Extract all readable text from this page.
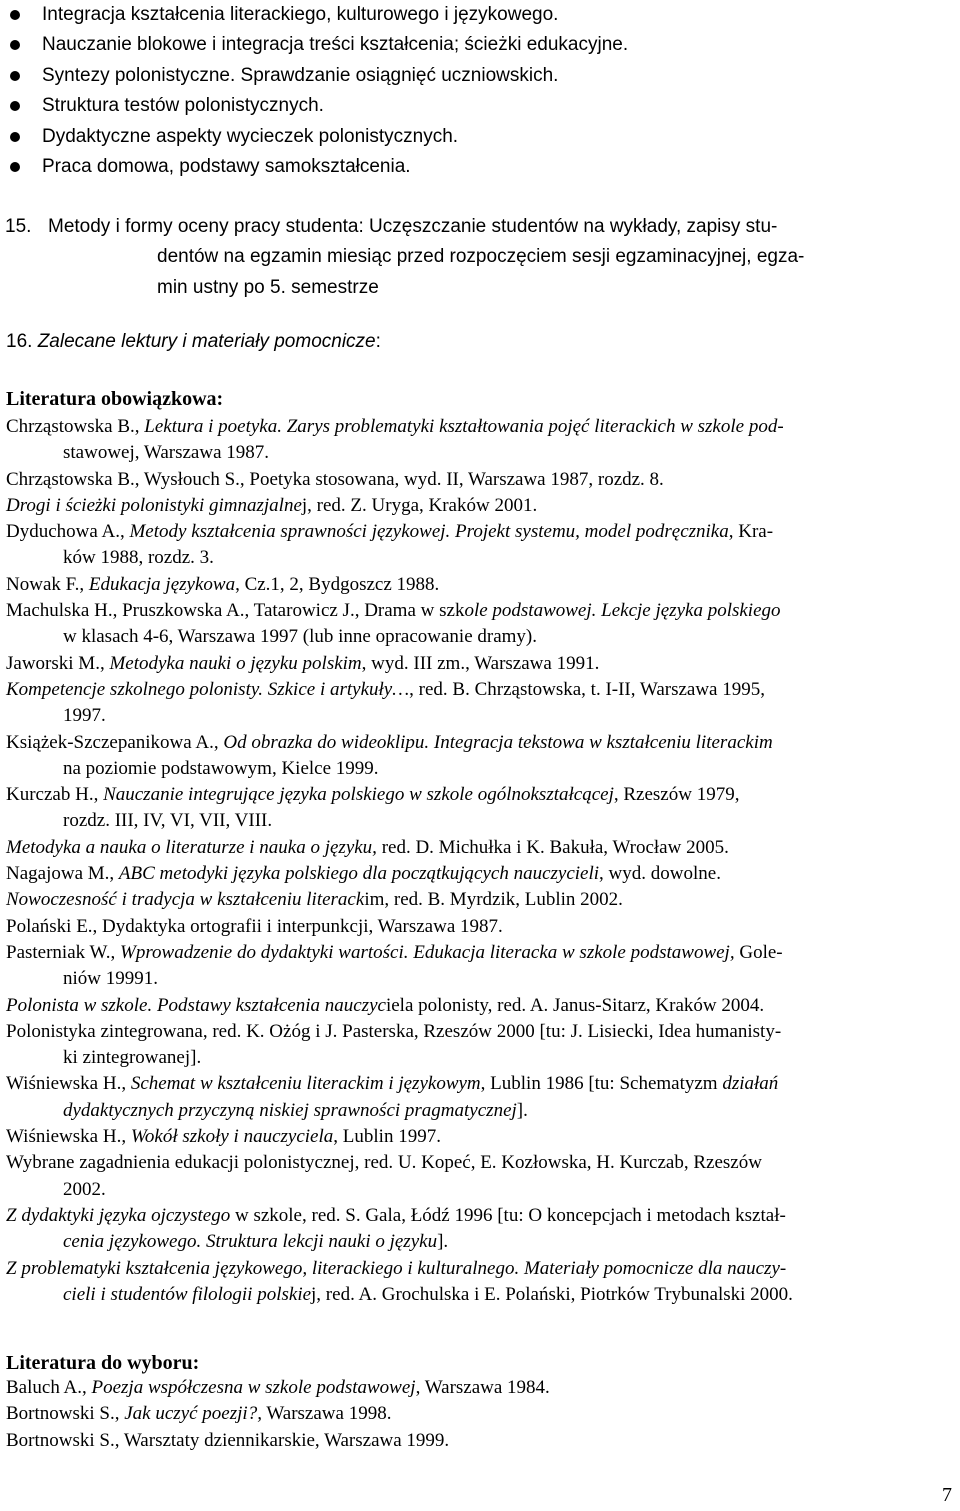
Integracja kształcenia literackiego, kulturowego i językowego.
Nauczanie blokowe i integracja treści kształcenia; ścieżki edukacyjne.
Syntezy polonistyczne. Sprawdzanie osiągnięć uczniowskich.
Struktura testów polonistycznych.
Dydaktyczne aspekty wycieczek polonistycznych.
Praca domowa, podstawy samokształcenia.
15. Metody i formy oceny pracy studenta: Uczęszczanie studentów na wykłady, zapisy stu-
dentów na egzamin miesiąc przed rozpoczęciem sesji egzaminacyjnej, egza-
min ustny po 5. semestrze
16. Zalecane lektury i materiały pomocnicze:
Literatura obowiązkowa:
Chrząstowska B., Lektura i poetyka. Zarys problematyki kształtowania pojęć literackich w szkole pod-
stawowej, Warszawa 1987.
Chrząstowska B., Wysłouch S., Poetyka stosowana, wyd. II, Warszawa 1987, rozdz. 8.
Drogi i ścieżki polonistyki gimnazjalnej, red. Z. Uryga, Kraków 2001.
Dyduchowa A., Metody kształcenia sprawności językowej. Projekt systemu, model podręcznika, Kra-
ków 1988, rozdz. 3.
Nowak F., Edukacja językowa, Cz.1, 2, Bydgoszcz 1988.
Machulska H., Pruszkowska A., Tatarowicz J., Drama w szkole podstawowej. Lekcje języka polskiego
w klasach 4-6, Warszawa 1997 (lub inne opracowanie dramy).
Jaworski M., Metodyka nauki o języku polskim, wyd. III zm., Warszawa 1991.
Kompetencje szkolnego polonisty. Szkice i artykuły…, red. B. Chrząstowska, t. I-II, Warszawa 1995,
1997.
Książek-Szczepanikowa A., Od obrazka do wideoklipu. Integracja tekstowa w kształceniu literackim
na poziomie podstawowym, Kielce 1999.
Kurczab H., Nauczanie integrujące języka polskiego w szkole ogólnokształcącej, Rzeszów 1979,
rozdz. III, IV, VI, VII, VIII.
Metodyka a nauka o literaturze i nauka o języku, red. D. Michułka i K. Bakuła, Wrocław 2005.
Nagajowa M., ABC metodyki języka polskiego dla początkujących nauczycieli, wyd. dowolne.
Nowoczesność i tradycja w kształceniu literackim, red. B. Myrdzik, Lublin 2002.
Polański E., Dydaktyka ortografii i interpunkcji, Warszawa 1987.
Pasterniak W., Wprowadzenie do dydaktyki wartości. Edukacja literacka w szkole podstawowej, Gole-
niów 19991.
Polonista w szkole. Podstawy kształcenia nauczyciela polonisty, red. A. Janus-Sitarz, Kraków 2004.
Polonistyka zintegrowana, red. K. Ożóg i J. Pasterska, Rzeszów 2000 [tu: J. Lisiecki, Idea humanisty-
ki zintegrowanej].
Wiśniewska H., Schemat w kształceniu literackim i językowym, Lublin 1986 [tu: Schematyzm działań
dydaktycznych przyczyną niskiej sprawności pragmatycznej].
Wiśniewska H., Wokół szkoły i nauczyciela, Lublin 1997.
Wybrane zagadnienia edukacji polonistycznej, red. U. Kopeć, E. Kozłowska, H. Kurczab, Rzeszów
2002.
Z dydaktyki języka ojczystego w szkole, red. S. Gala, Łódź 1996 [tu: O koncepcjach i metodach kształ-
cenia językowego. Struktura lekcji nauki o języku].
Z problematyki kształcenia językowego, literackiego i kulturalnego. Materiały pomocnicze dla nauczy-
cieli i studentów filologii polskiej, red. A. Grochulska i E. Polański, Piotrków Trybunalski 2000.
Literatura do wyboru:
Baluch A., Poezja współczesna w szkole podstawowej, Warszawa 1984.
Bortnowski S., Jak uczyć poezji?, Warszawa 1998.
Bortnowski S., Warsztaty dziennikarskie, Warszawa 1999.
7
